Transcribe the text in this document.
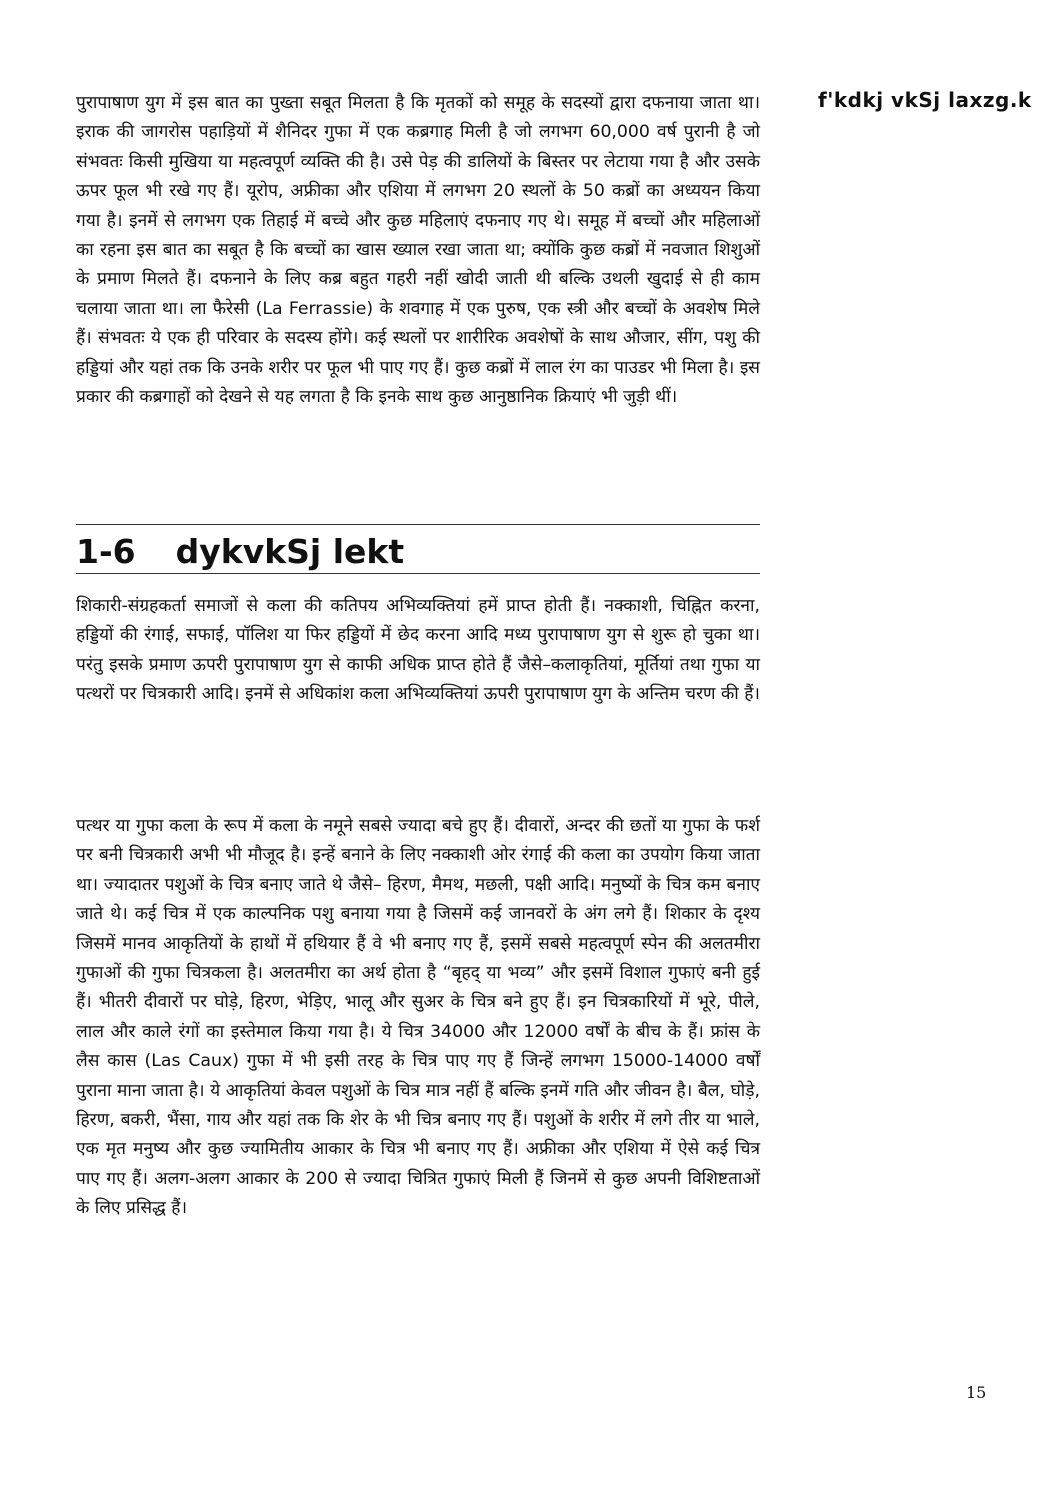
f'kdkj vkSj laxzg.k

पुरापाषाण युग में इस बात का पुख्ता सबूत मिलता है कि मृतकों को समूह के सदस्यों द्वारा दफनाया जाता था। इराक की जागरोस पहाड़ियों में शैनिदर गुफा में एक कब्रगाह मिली है जो लगभग 60,000 वर्ष पुरानी है जो संभवतः किसी मुखिया या महत्वपूर्ण व्यक्ति की है। उसे पेड़ की डालियों के बिस्तर पर लेटाया गया है और उसके ऊपर फूल भी रखे गए हैं। यूरोप, अफ्रीका और एशिया में लगभग 20 स्थलों के 50 कब्रों का अध्ययन किया गया है। इनमें से लगभग एक तिहाई में बच्चे और कुछ महिलाएं दफनाए गए थे। समूह में बच्चों और महिलाओं का रहना इस बात का सबूत है कि बच्चों का खास ख्याल रखा जाता था; क्योंकि कुछ कब्रों में नवजात शिशुओं के प्रमाण मिलते हैं। दफनाने के लिए कब्र बहुत गहरी नहीं खोदी जाती थी बल्कि उथली खुदाई से ही काम चलाया जाता था। ला फैरेसी (La Ferrassie) के शवगाह में एक पुरुष, एक स्त्री और बच्चों के अवशेष मिले हैं। संभवतः ये एक ही परिवार के सदस्य होंगे। कई स्थलों पर शारीरिक अवशेषों के साथ औजार, सींग, पशु की हड्डियां और यहां तक कि उनके शरीर पर फूल भी पाए गए हैं। कुछ कब्रों में लाल रंग का पाउडर भी मिला है। इस प्रकार की कब्रगाहों को देखने से यह लगता है कि इनके साथ कुछ आनुष्ठानिक क्रियाएं भी जुड़ी थीं।

1-6 dykvkSj lekt

शिकारी-संग्रहकर्ता समाजों से कला की कतिपय अभिव्यक्तियां हमें प्राप्त होती हैं। नक्काशी, चिह्नित करना, हड्डियों की रंगाई, सफाई, पॉलिश या फिर हड्डियों में छेद करना आदि मध्य पुरापाषाण युग से शुरू हो चुका था। परंतु इसके प्रमाण ऊपरी पुरापाषाण युग से काफी अधिक प्राप्त होते हैं जैसे–कलाकृतियां, मूर्तियां तथा गुफा या पत्थरों पर चित्रकारी आदि। इनमें से अधिकांश कला अभिव्यक्तियां ऊपरी पुरापाषाण युग के अन्तिम चरण की हैं।

पत्थर या गुफा कला के रूप में कला के नमूने सबसे ज्यादा बचे हुए हैं। दीवारों, अन्दर की छतों या गुफा के फर्श पर बनी चित्रकारी अभी भी मौजूद है। इन्हें बनाने के लिए नक्काशी ओर रंगाई की कला का उपयोग किया जाता था। ज्यादातर पशुओं के चित्र बनाए जाते थे जैसे– हिरण, मैमथ, मछली, पक्षी आदि। मनुष्यों के चित्र कम बनाए जाते थे। कई चित्र में एक काल्पनिक पशु बनाया गया है जिसमें कई जानवरों के अंग लगे हैं। शिकार के दृश्य जिसमें मानव आकृतियों के हाथों में हथियार हैं वे भी बनाए गए हैं, इसमें सबसे महत्वपूर्ण स्पेन की अलतमीरा गुफाओं की गुफा चित्रकला है। अलतमीरा का अर्थ होता है “बृहद् या भव्य” और इसमें विशाल गुफाएं बनी हुई हैं। भीतरी दीवारों पर घोड़े, हिरण, भेड़िए, भालू और सुअर के चित्र बने हुए हैं। इन चित्रकारियों में भूरे, पीले, लाल और काले रंगों का इस्तेमाल किया गया है। ये चित्र 34000 और 12000 वर्षों के बीच के हैं। फ्रांस के लैस कास (Las Caux) गुफा में भी इसी तरह के चित्र पाए गए हैं जिन्हें लगभग 15000-14000 वर्षों पुराना माना जाता है। ये आकृतियां केवल पशुओं के चित्र मात्र नहीं हैं बल्कि इनमें गति और जीवन है। बैल, घोड़े, हिरण, बकरी, भैंसा, गाय और यहां तक कि शेर के भी चित्र बनाए गए हैं। पशुओं के शरीर में लगे तीर या भाले, एक मृत मनुष्य और कुछ ज्यामितीय आकार के चित्र भी बनाए गए हैं। अफ्रीका और एशिया में ऐसे कई चित्र पाए गए हैं। अलग-अलग आकार के 200 से ज्यादा चित्रित गुफाएं मिली हैं जिनमें से कुछ अपनी विशिष्टताओं के लिए प्रसिद्ध हैं।

15
